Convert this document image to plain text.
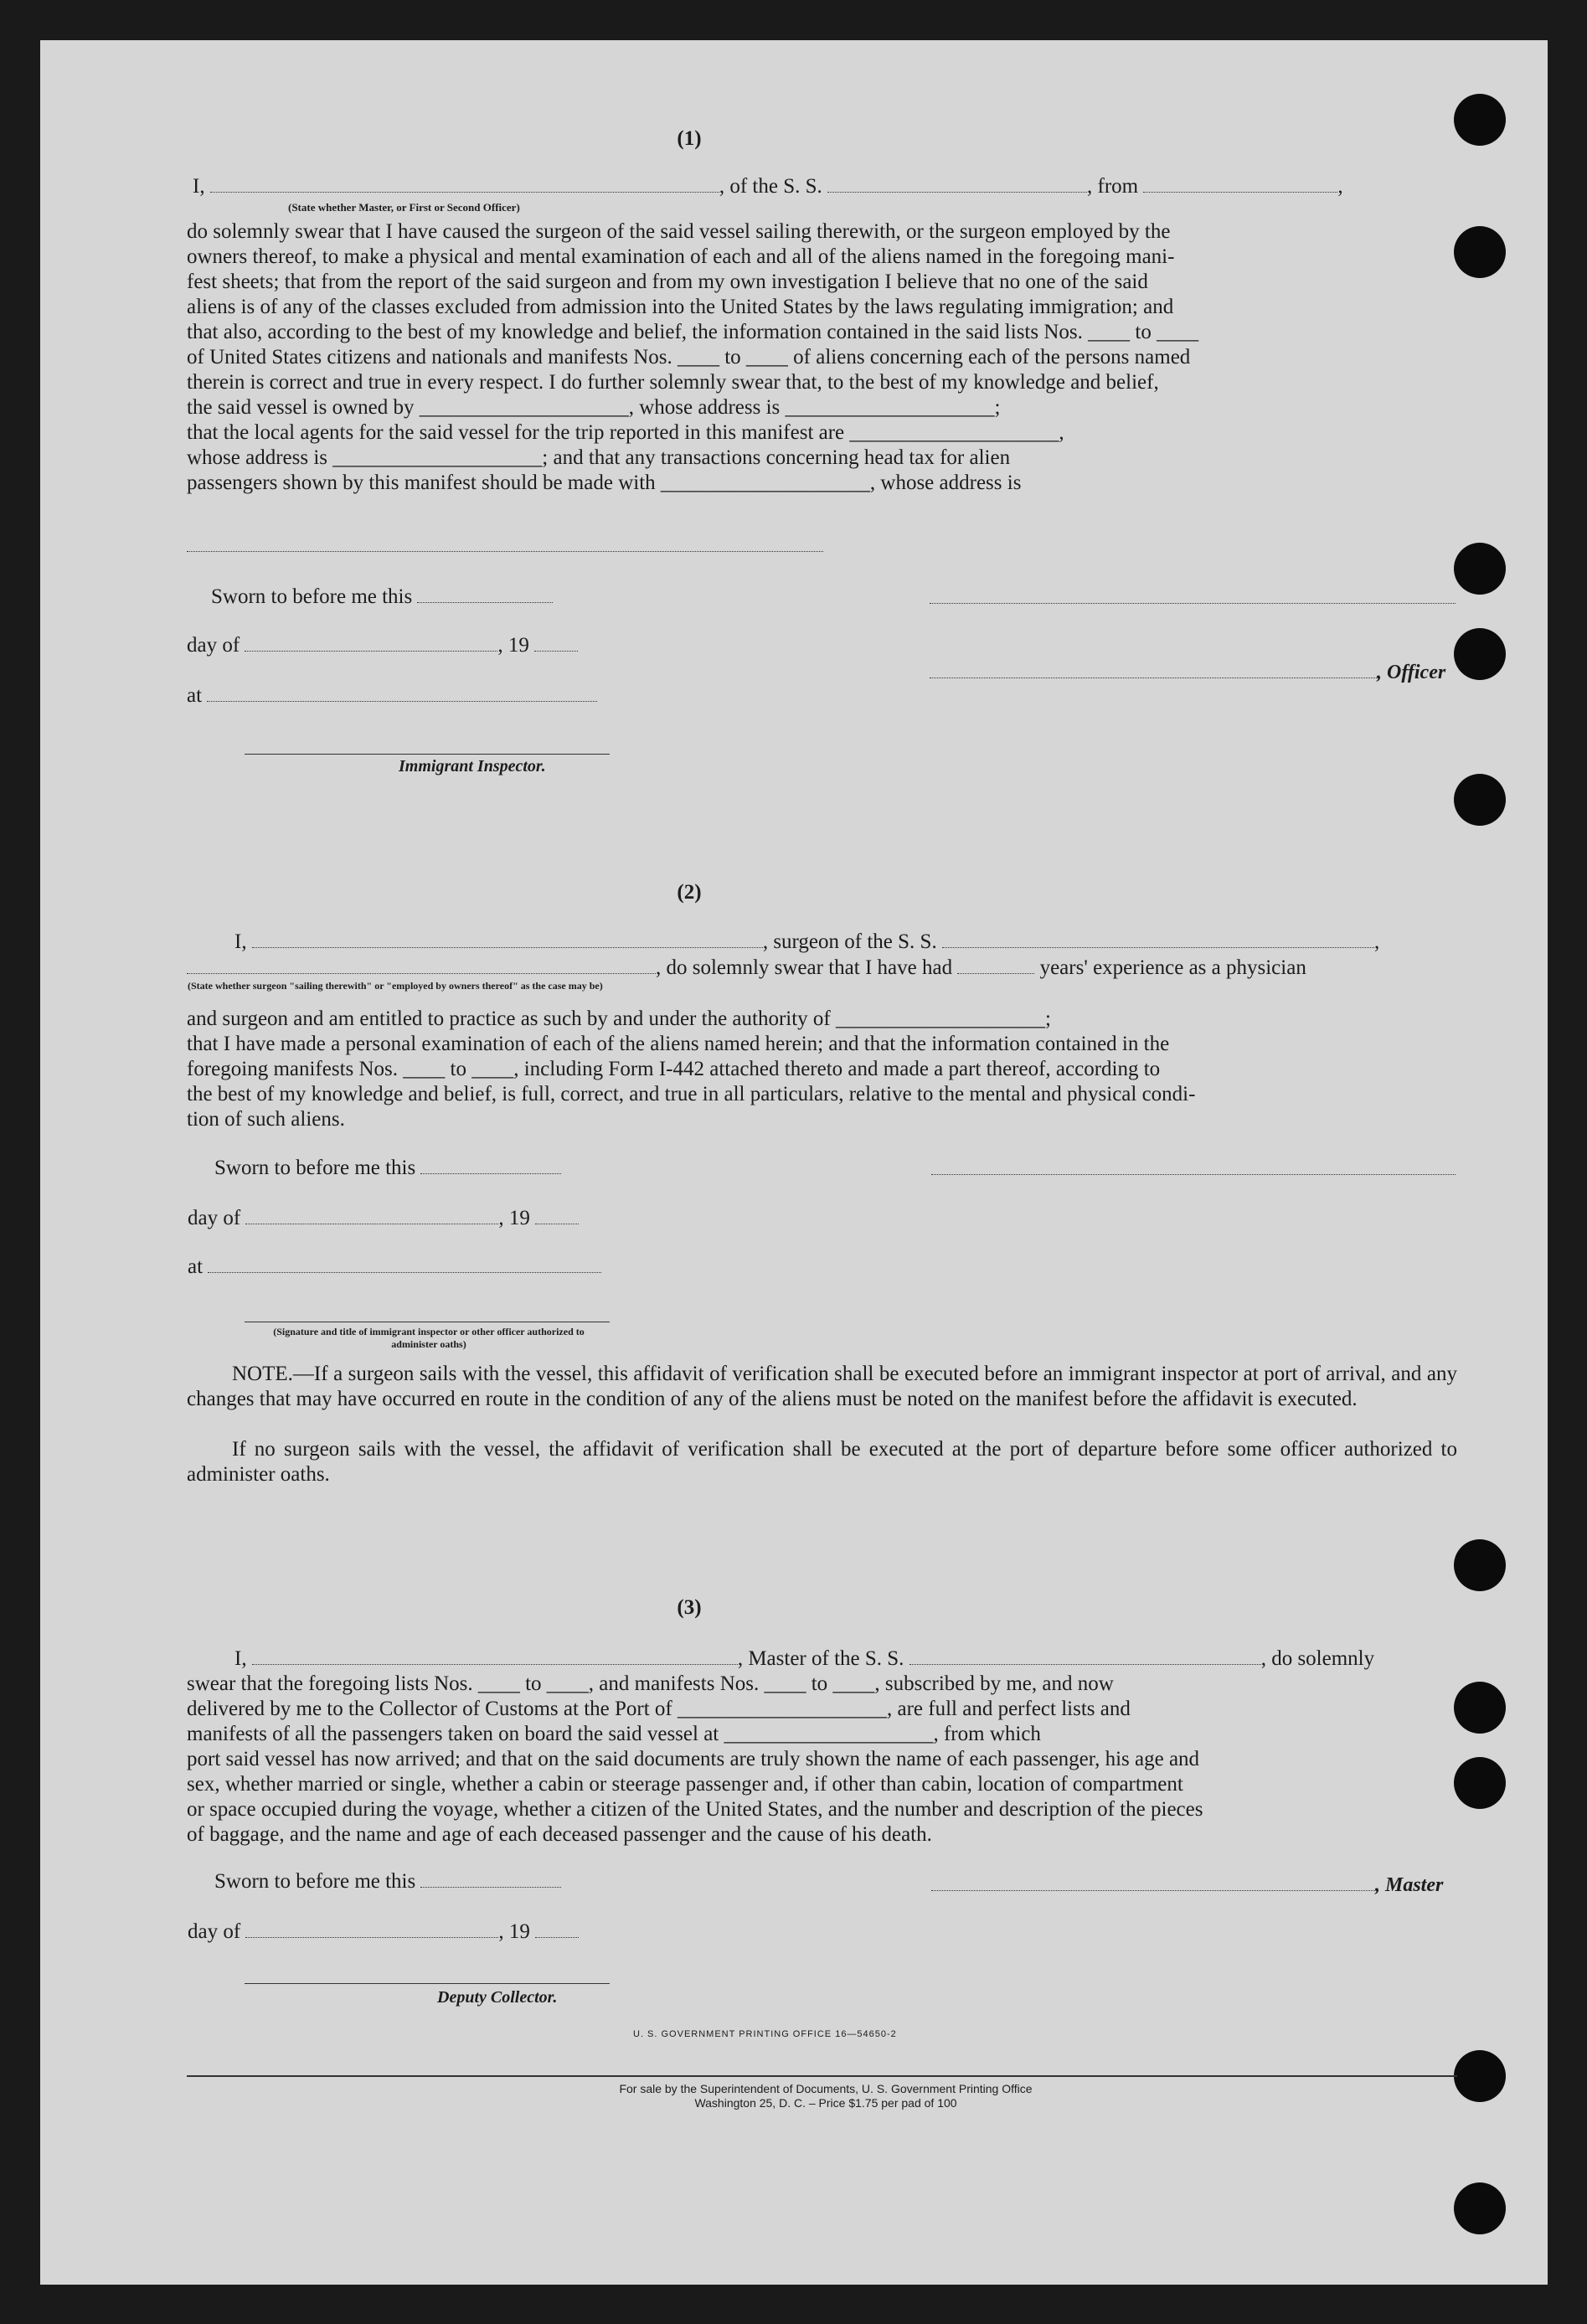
(1)
I,	, of the S. S.	, from	,
(State whether Master, or First or Second Officer)
do solemnly swear that I have caused the surgeon of the said vessel sailing therewith, or the surgeon employed by the
owners thereof, to make a physical and mental examination of each and all of the aliens named in the foregoing mani-
fest sheets; that from the report of the said surgeon and from my own investigation I believe that no one of the said
aliens is of any of the classes excluded from admission into the United States by the laws regulating immigration; and
that also, according to the best of my knowledge and belief, the information contained in the said lists Nos. ____ to ____
of United States citizens and nationals and manifests Nos. ____ to ____ of aliens concerning each of the persons named
therein is correct and true in every respect. I do further solemnly swear that, to the best of my knowledge and belief,
the said vessel is owned by ____________________, whose address is ____________________;
that the local agents for the said vessel for the trip reported in this manifest are ____________________,
whose address is ____________________; and that any transactions concerning head tax for alien
passengers shown by this manifest should be made with ____________________, whose address is
Sworn to before me this
day of	, 19
at
Immigrant Inspector.
, Officer
(2)
I,	, surgeon of the S. S.	,
, do solemnly swear that I have had	years' experience as a physician
(State whether surgeon "sailing therewith" or "employed by owners thereof" as the case may be)
and surgeon and am entitled to practice as such by and under the authority of ____________________;
that I have made a personal examination of each of the aliens named herein; and that the information contained in the
foregoing manifests Nos. ____ to ____, including Form I-442 attached thereto and made a part thereof, according to
the best of my knowledge and belief, is full, correct, and true in all particulars, relative to the mental and physical condi-
tion of such aliens.
Sworn to before me this
day of	, 19
at
(Signature and title of immigrant inspector or other officer authorized to administer oaths)
NOTE.—If a surgeon sails with the vessel, this affidavit of verification shall be executed before an immigrant inspector at port of arrival, and any changes that may have occurred en route in the condition of any of the aliens must be noted on the manifest before the affidavit is executed.
If no surgeon sails with the vessel, the affidavit of verification shall be executed at the port of departure before some officer authorized to administer oaths.
(3)
I,	, Master of the S. S.	, do solemnly
swear that the foregoing lists Nos. ____ to ____, and manifests Nos. ____ to ____, subscribed by me, and now
delivered by me to the Collector of Customs at the Port of ____________________, are full and perfect lists and
manifests of all the passengers taken on board the said vessel at ____________________, from which
port said vessel has now arrived; and that on the said documents are truly shown the name of each passenger, his age and
sex, whether married or single, whether a cabin or steerage passenger and, if other than cabin, location of compartment
or space occupied during the voyage, whether a citizen of the United States, and the number and description of the pieces
of baggage, and the name and age of each deceased passenger and the cause of his death.
Sworn to before me this	, Master
day of	, 19
Deputy Collector.
U. S. GOVERNMENT PRINTING OFFICE 16—54650-2
For sale by the Superintendent of Documents, U. S. Government Printing Office
Washington 25, D. C. – Price $1.75 per pad of 100
